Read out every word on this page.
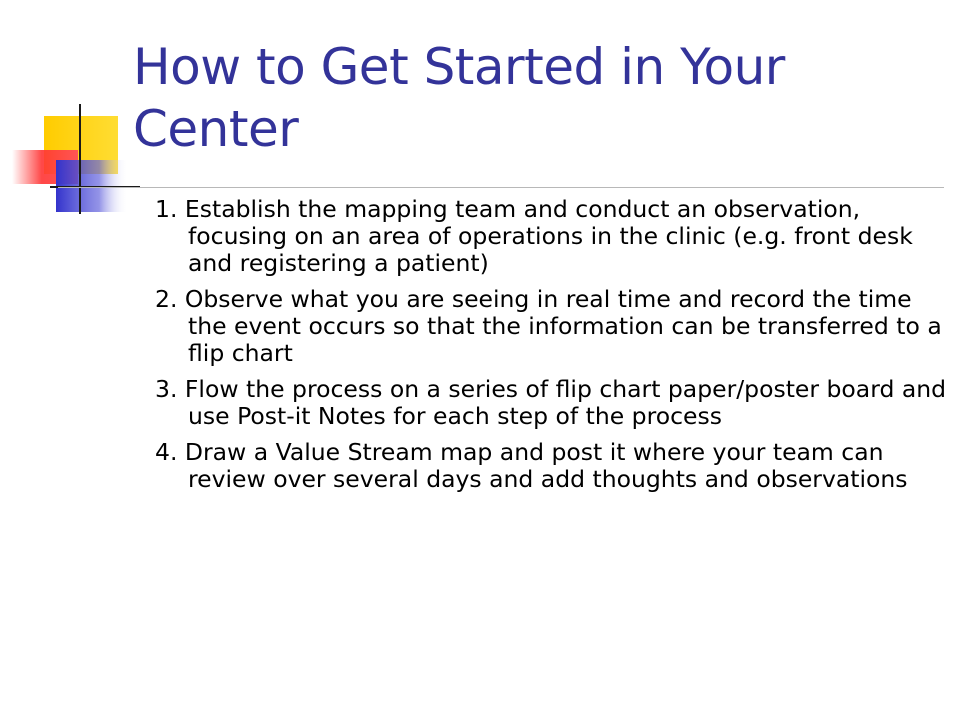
How to Get Started in Your Center
1. Establish the mapping team and conduct an observation, focusing on an area of operations in the clinic (e.g. front desk and registering a patient)
2. Observe what you are seeing in real time and record the time the event occurs so that the information can be transferred to a flip chart
3. Flow the process on a series of flip chart paper/poster board and use Post-it Notes for each step of the process
4. Draw a Value Stream map and post it where your team can review over several days and add thoughts and observations
